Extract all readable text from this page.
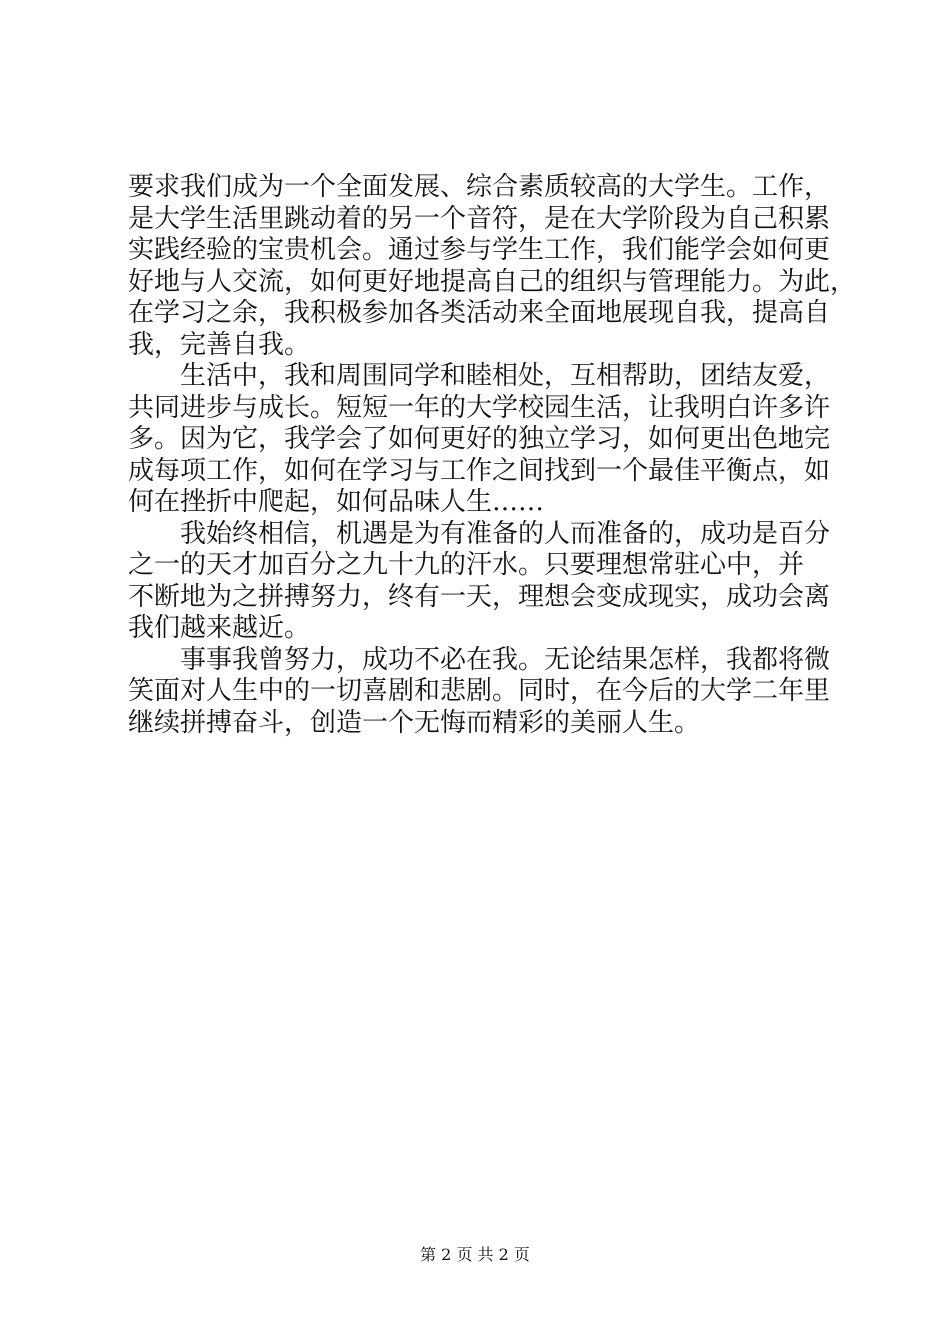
要求我们成为一个全面发展、综合素质较高的大学生。工作，
是大学生活里跳动着的另一个音符，是在大学阶段为自己积累
实践经验的宝贵机会。通过参与学生工作，我们能学会如何更
好地与人交流，如何更好地提高自己的组织与管理能力。为此，
在学习之余，我积极参加各类活动来全面地展现自我，提高自
我，完善自我。
生活中，我和周围同学和睦相处，互相帮助，团结友爱，
共同进步与成长。短短一年的大学校园生活，让我明白许多许
多。因为它，我学会了如何更好的独立学习，如何更出色地完
成每项工作，如何在学习与工作之间找到一个最佳平衡点，如
何在挫折中爬起，如何品味人生……
我始终相信，机遇是为有准备的人而准备的，成功是百分
之一的天才加百分之九十九的汗水。只要理想常驻心中，并
不断地为之拼搏努力，终有一天，理想会变成现实，成功会离
我们越来越近。
事事我曾努力，成功不必在我。无论结果怎样，我都将微
笑面对人生中的一切喜剧和悲剧。同时，在今后的大学二年里
继续拼搏奋斗，创造一个无悔而精彩的美丽人生。
第 2 页 共 2 页
